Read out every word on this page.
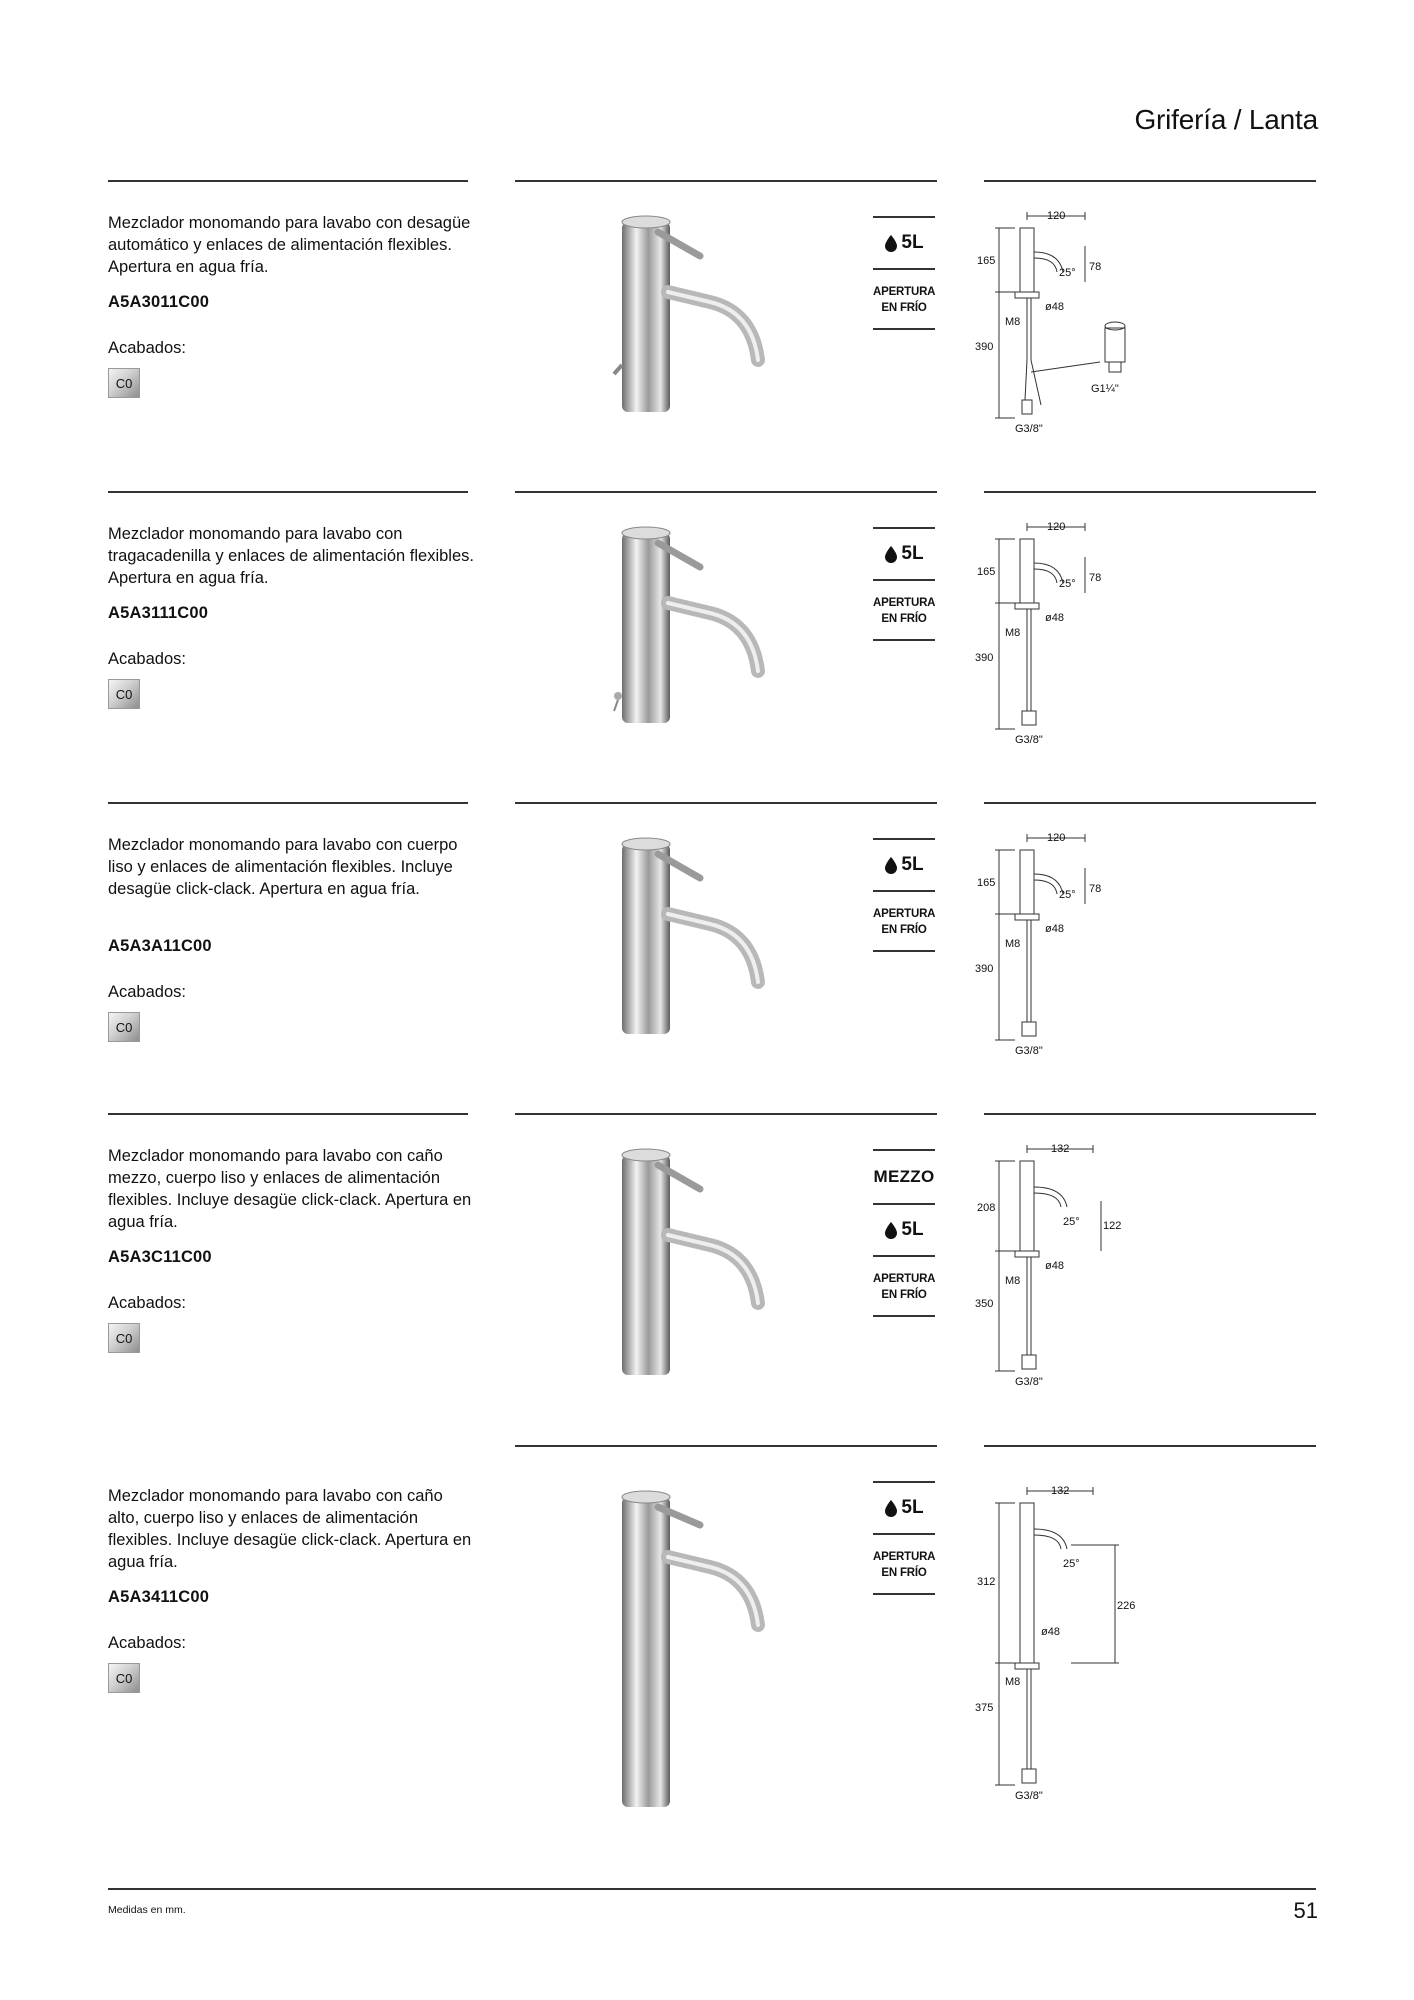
Grifería / Lanta
Mezclador monomando para lavabo con desagüe automático y enlaces de alimentación flexibles. Apertura en agua fría.
A5A3011C00
Acabados:
C0
5L
APERTURA
EN FRÍO
120
165	78
25°
ø48
M8
390
G3/8"
G1¼"
Mezclador monomando para lavabo con tragacadenilla y enlaces de alimentación flexibles. Apertura en agua fría.
A5A3111C00
Acabados:
C0
5L
APERTURA
EN FRÍO
120
165	78
25°
ø48
M8
390
G3/8"
Mezclador monomando para lavabo con cuerpo liso y enlaces de alimentación flexibles. Incluye desagüe click-clack. Apertura en agua fría.
A5A3A11C00
Acabados:
C0
5L
APERTURA
EN FRÍO
120
165	78
25°
ø48
M8
390
G3/8"
Mezclador monomando para lavabo con caño mezzo, cuerpo liso y enlaces de alimentación flexibles. Incluye desagüe click-clack. Apertura en agua fría.
A5A3C11C00
Acabados:
C0
MEZZO
5L
APERTURA
EN FRÍO
132
208
122
25°
ø48
M8
350
G3/8"
Mezclador monomando para lavabo con caño alto, cuerpo liso y enlaces de alimentación flexibles. Incluye desagüe click-clack. Apertura en agua fría.
A5A3411C00
Acabados:
C0
5L
APERTURA
EN FRÍO
132
312
226
25°
ø48
M8
375
G3/8"
Medidas en mm.	51
